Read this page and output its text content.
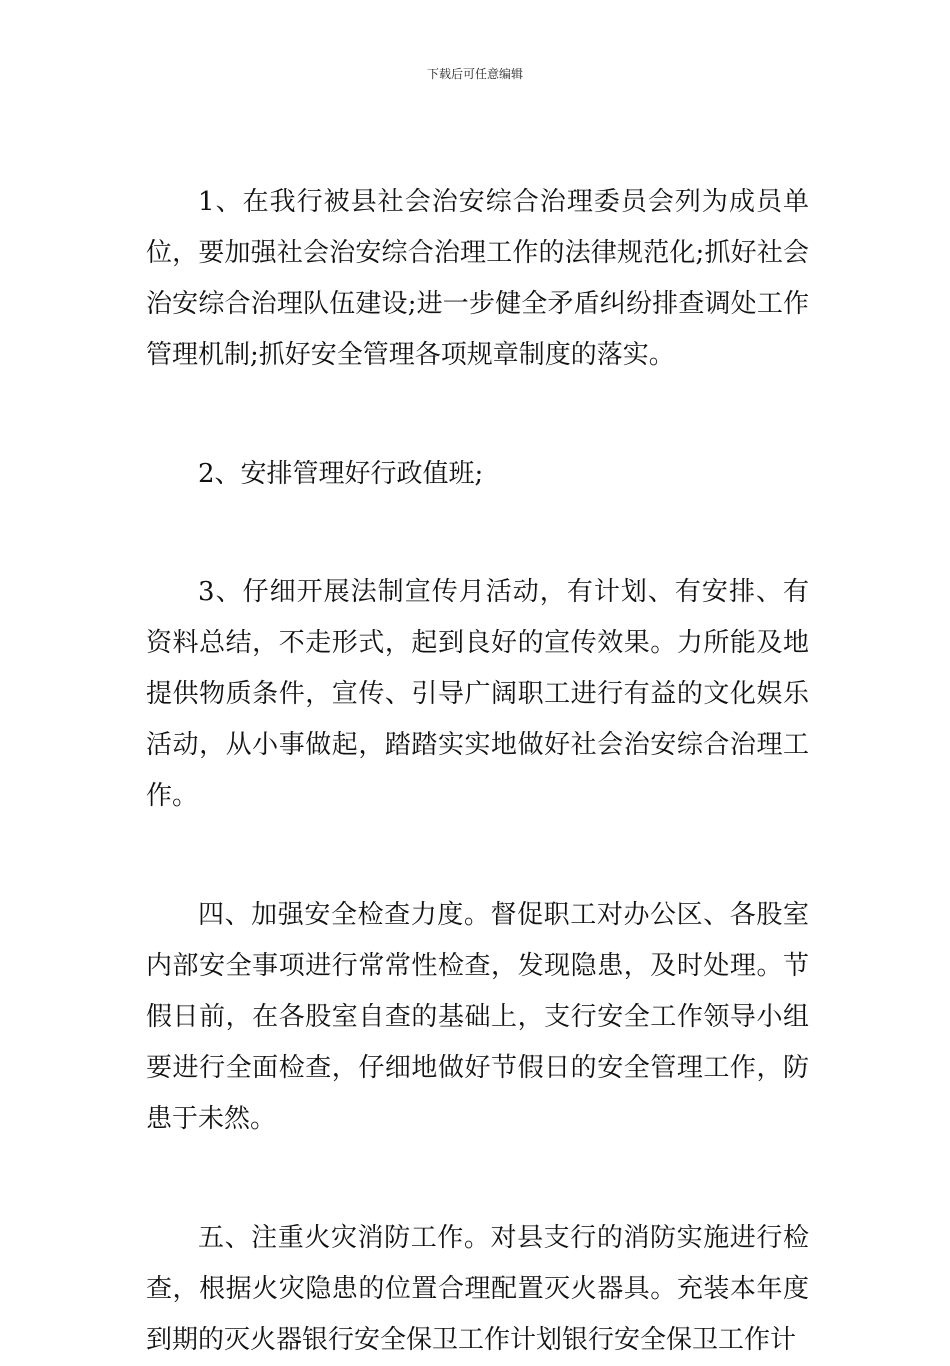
下载后可任意编辑

1、在我行被县社会治安综合治理委员会列为成员单位，要加强社会治安综合治理工作的法律规范化;抓好社会治安综合治理队伍建设;进一步健全矛盾纠纷排查调处工作管理机制;抓好安全管理各项规章制度的落实。

2、安排管理好行政值班;

3、仔细开展法制宣传月活动，有计划、有安排、有资料总结，不走形式，起到良好的宣传效果。力所能及地提供物质条件，宣传、引导广阔职工进行有益的文化娱乐活动，从小事做起，踏踏实实地做好社会治安综合治理工作。

四、加强安全检查力度。督促职工对办公区、各股室内部安全事项进行常常性检查，发现隐患，及时处理。节假日前，在各股室自查的基础上，支行安全工作领导小组要进行全面检查，仔细地做好节假日的安全管理工作，防患于未然。

五、注重火灾消防工作。对县支行的消防实施进行检查，根据火灾隐患的位置合理配置灭火器具。充装本年度到期的灭火器银行安全保卫工作计划银行安全保卫工作计
